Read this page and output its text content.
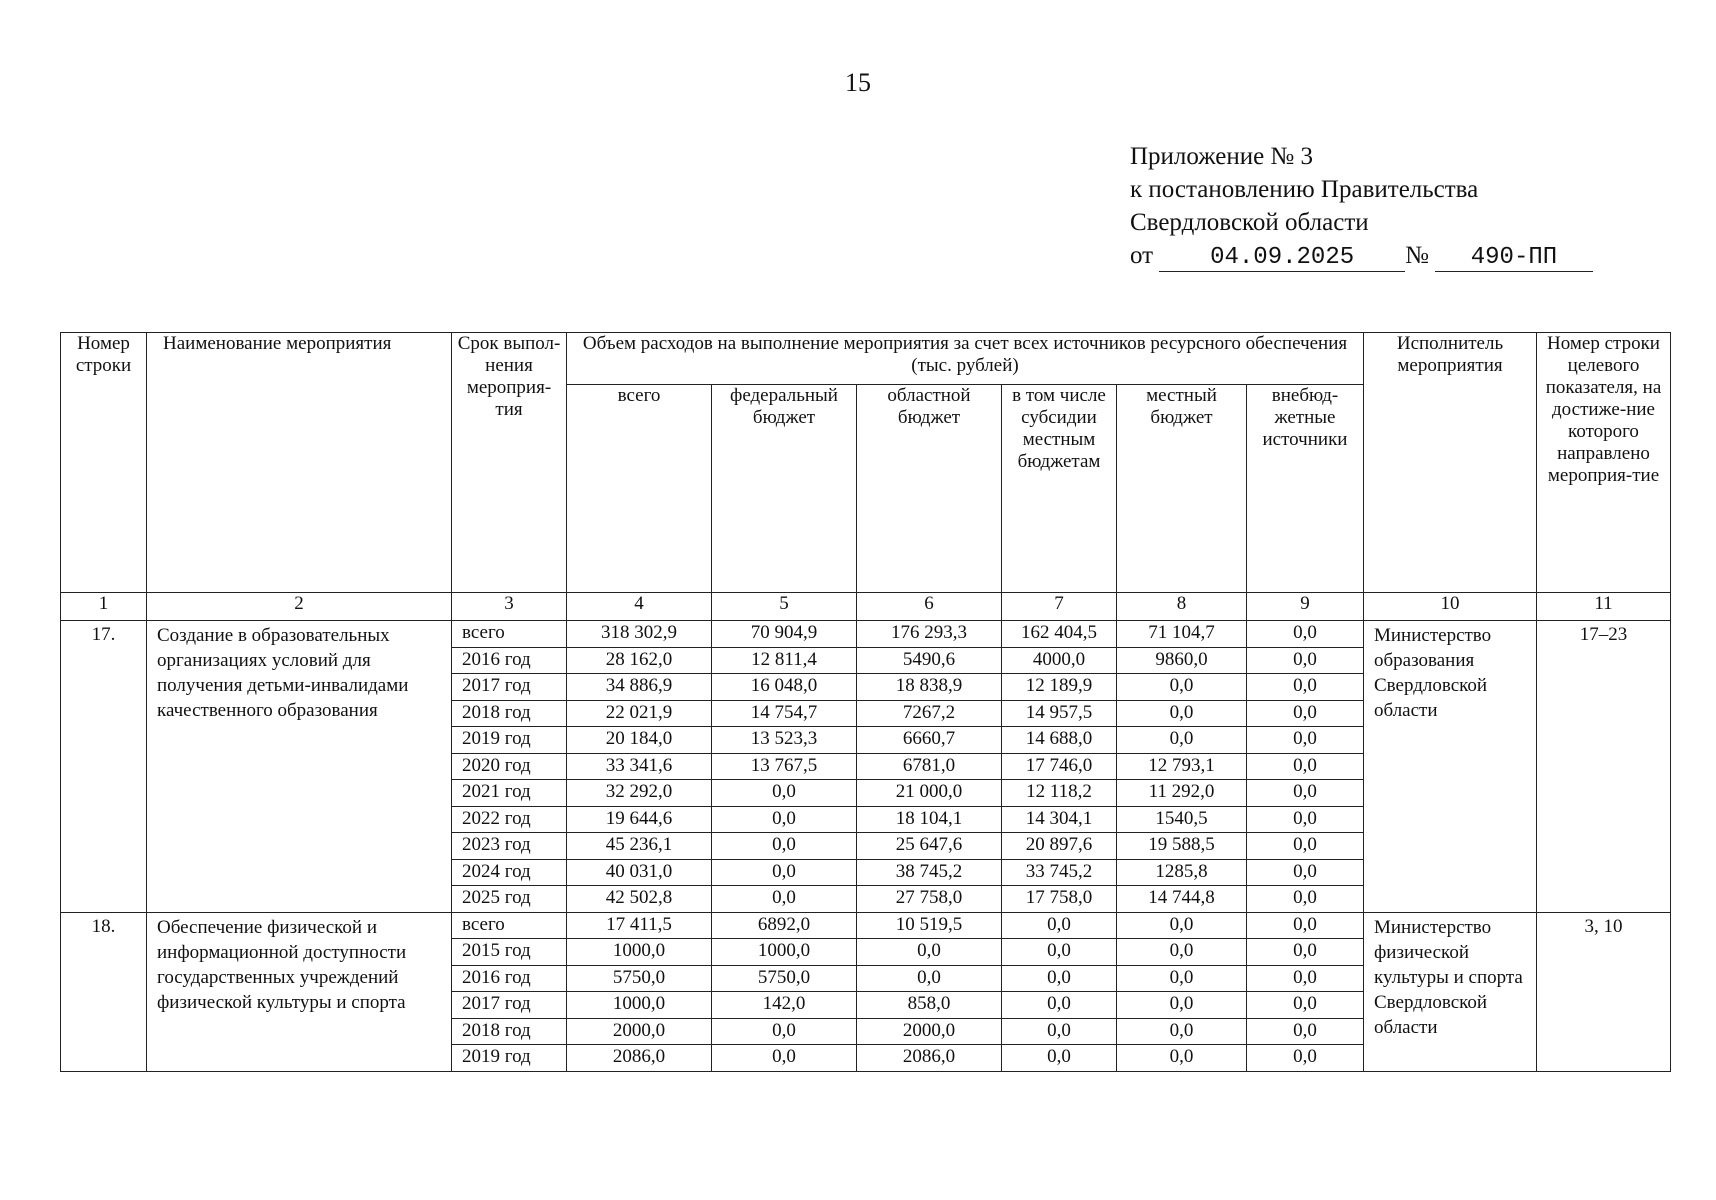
15
Приложение № 3
к постановлению Правительства
Свердловской области
от 04.09.2025 № 490-ПП
Номер строки	Наименование мероприятия	Срок выпол-нения мероприя-тия	Объем расходов на выполнение мероприятия за счет всех источников ресурсного обеспечения (тыс. рублей)						Исполнитель мероприятия	Номер строки целевого показателя, на достиже-ние которого направлено мероприя-тие
			всего	федеральный бюджет	областной бюджет	в том числе субсидии местным бюджетам	местный бюджет	внебюд-жетные источники		
1	2	3	4	5	6	7	8	9	10	11
17.	Создание в образовательных организациях условий для получения детьми-инвалидами качественного образования	всего	318 302,9	70 904,9	176 293,3	162 404,5	71 104,7	0,0	Министерство образования Свердловской области	17–23
		2016 год	28 162,0	12 811,4	5490,6	4000,0	9860,0	0,0		
		2017 год	34 886,9	16 048,0	18 838,9	12 189,9	0,0	0,0		
		2018 год	22 021,9	14 754,7	7267,2	14 957,5	0,0	0,0		
		2019 год	20 184,0	13 523,3	6660,7	14 688,0	0,0	0,0		
		2020 год	33 341,6	13 767,5	6781,0	17 746,0	12 793,1	0,0		
		2021 год	32 292,0	0,0	21 000,0	12 118,2	11 292,0	0,0		
		2022 год	19 644,6	0,0	18 104,1	14 304,1	1540,5	0,0		
		2023 год	45 236,1	0,0	25 647,6	20 897,6	19 588,5	0,0		
		2024 год	40 031,0	0,0	38 745,2	33 745,2	1285,8	0,0		
		2025 год	42 502,8	0,0	27 758,0	17 758,0	14 744,8	0,0		
18.	Обеспечение физической и информационной доступности государственных учреждений физической культуры и спорта	всего	17 411,5	6892,0	10 519,5	0,0	0,0	0,0	Министерство физической культуры и спорта Свердловской области	3, 10
		2015 год	1000,0	1000,0	0,0	0,0	0,0	0,0		
		2016 год	5750,0	5750,0	0,0	0,0	0,0	0,0		
		2017 год	1000,0	142,0	858,0	0,0	0,0	0,0		
		2018 год	2000,0	0,0	2000,0	0,0	0,0	0,0		
		2019 год	2086,0	0,0	2086,0	0,0	0,0	0,0		
